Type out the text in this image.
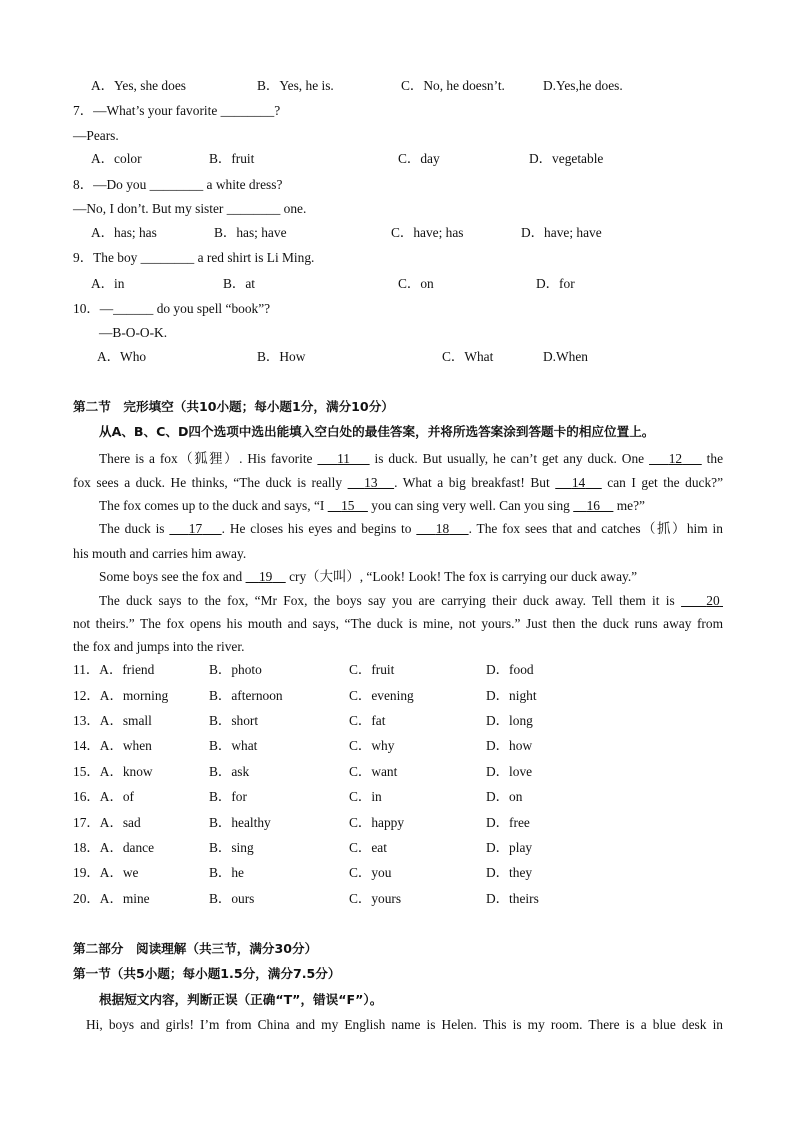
A．Yes, she does	B．Yes, he is.	C．No, he doesn’t.	D.Yes,he does.
7．—What’s your favorite ________?
—Pears.
A．color	B．fruit	C．day	D．vegetable
8．—Do you ________ a white dress?
—No, I don’t. But my sister ________ one.
A．has; has	B．has; have	C．have; has	D．have; have
9．The boy ________ a red shirt is Li Ming.
A．in	B．at	C．on	D．for
10．—______ do you spell “book”?
—B-O-O-K.
A．Who	B．How	C．What	D.When
第二节　完形填空（共10小题；每小题1分，满分10分）
从A、B、C、D四个选项中选出能填入空白处的最佳答案，并将所选答案涂到答题卡的相应位置上。
There is a fox（狐狸）. His favorite 11 is duck. But usually, he can’t get any duck. One 12 the
fox sees a duck. He thinks, “The duck is really 13 . What a big breakfast! But 14 can I get the duck?”
The fox comes up to the duck and says, “I 15 you can sing very well. Can you sing 16 me?”
The duck is 17 . He closes his eyes and begins to 18 . The fox sees that and catches（抓）him in
his mouth and carries him away.
Some boys see the fox and 19 cry（大叫）, “Look! Look! The fox is carrying our duck away.”
The duck says to the fox, “Mr Fox, the boys say you are carrying their duck away. Tell them it is 20
not theirs.” The fox opens his mouth and says, “The duck is mine, not yours.” Just then the duck runs away from
the fox and jumps into the river.
11．A．friend	B．photo	C．fruit	D．food
12．A．morning	B．afternoon	C．evening	D．night
13．A．small	B．short	C．fat	D．long
14．A．when	B．what	C．why	D．how
15．A．know	B．ask	C．want	D．love
16．A．of	B．for	C．in	D．on
17．A．sad	B．healthy	C．happy	D．free
18．A．dance	B．sing	C．eat	D．play
19．A．we	B．he	C．you	D．they
20．A．mine	B．ours	C．yours	D．theirs
第二部分　阅读理解（共三节，满分30分）
第一节（共5小题；每小题1.5分，满分7.5分）
根据短文内容，判断正误（正确“T”，错误“F”）。
Hi, boys and girls! I’m from China and my English name is Helen. This is my room. There is a blue desk in
